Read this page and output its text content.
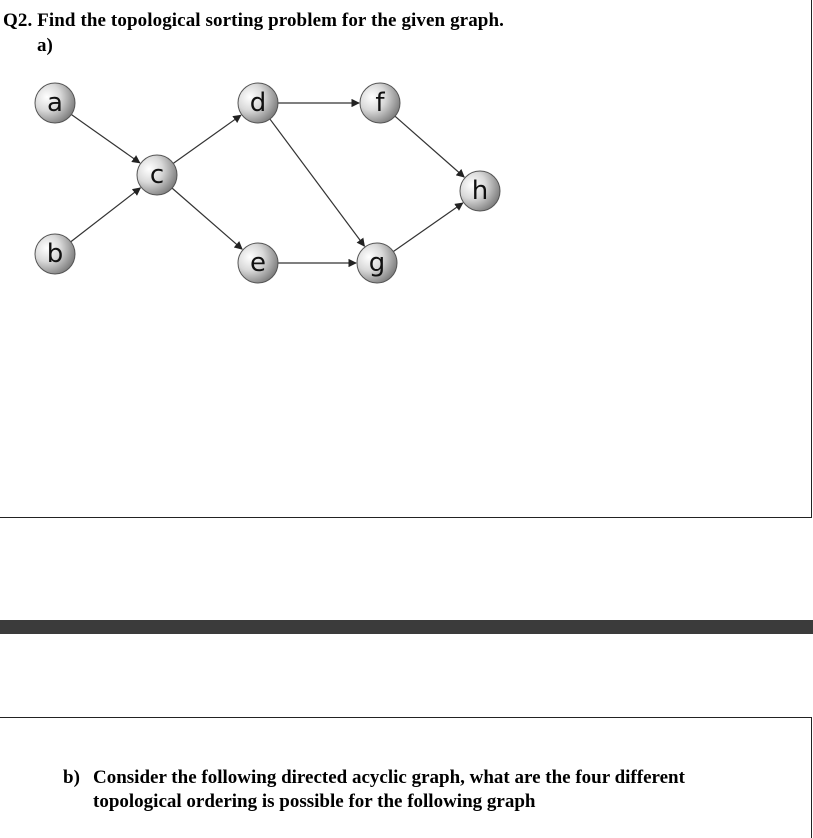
Q2. Find the topological sorting problem for the given graph.
a)
a
b
c
d
e
f
g
h
b) Consider the following directed acyclic graph, what are the four different topological ordering is possible for the following graph
